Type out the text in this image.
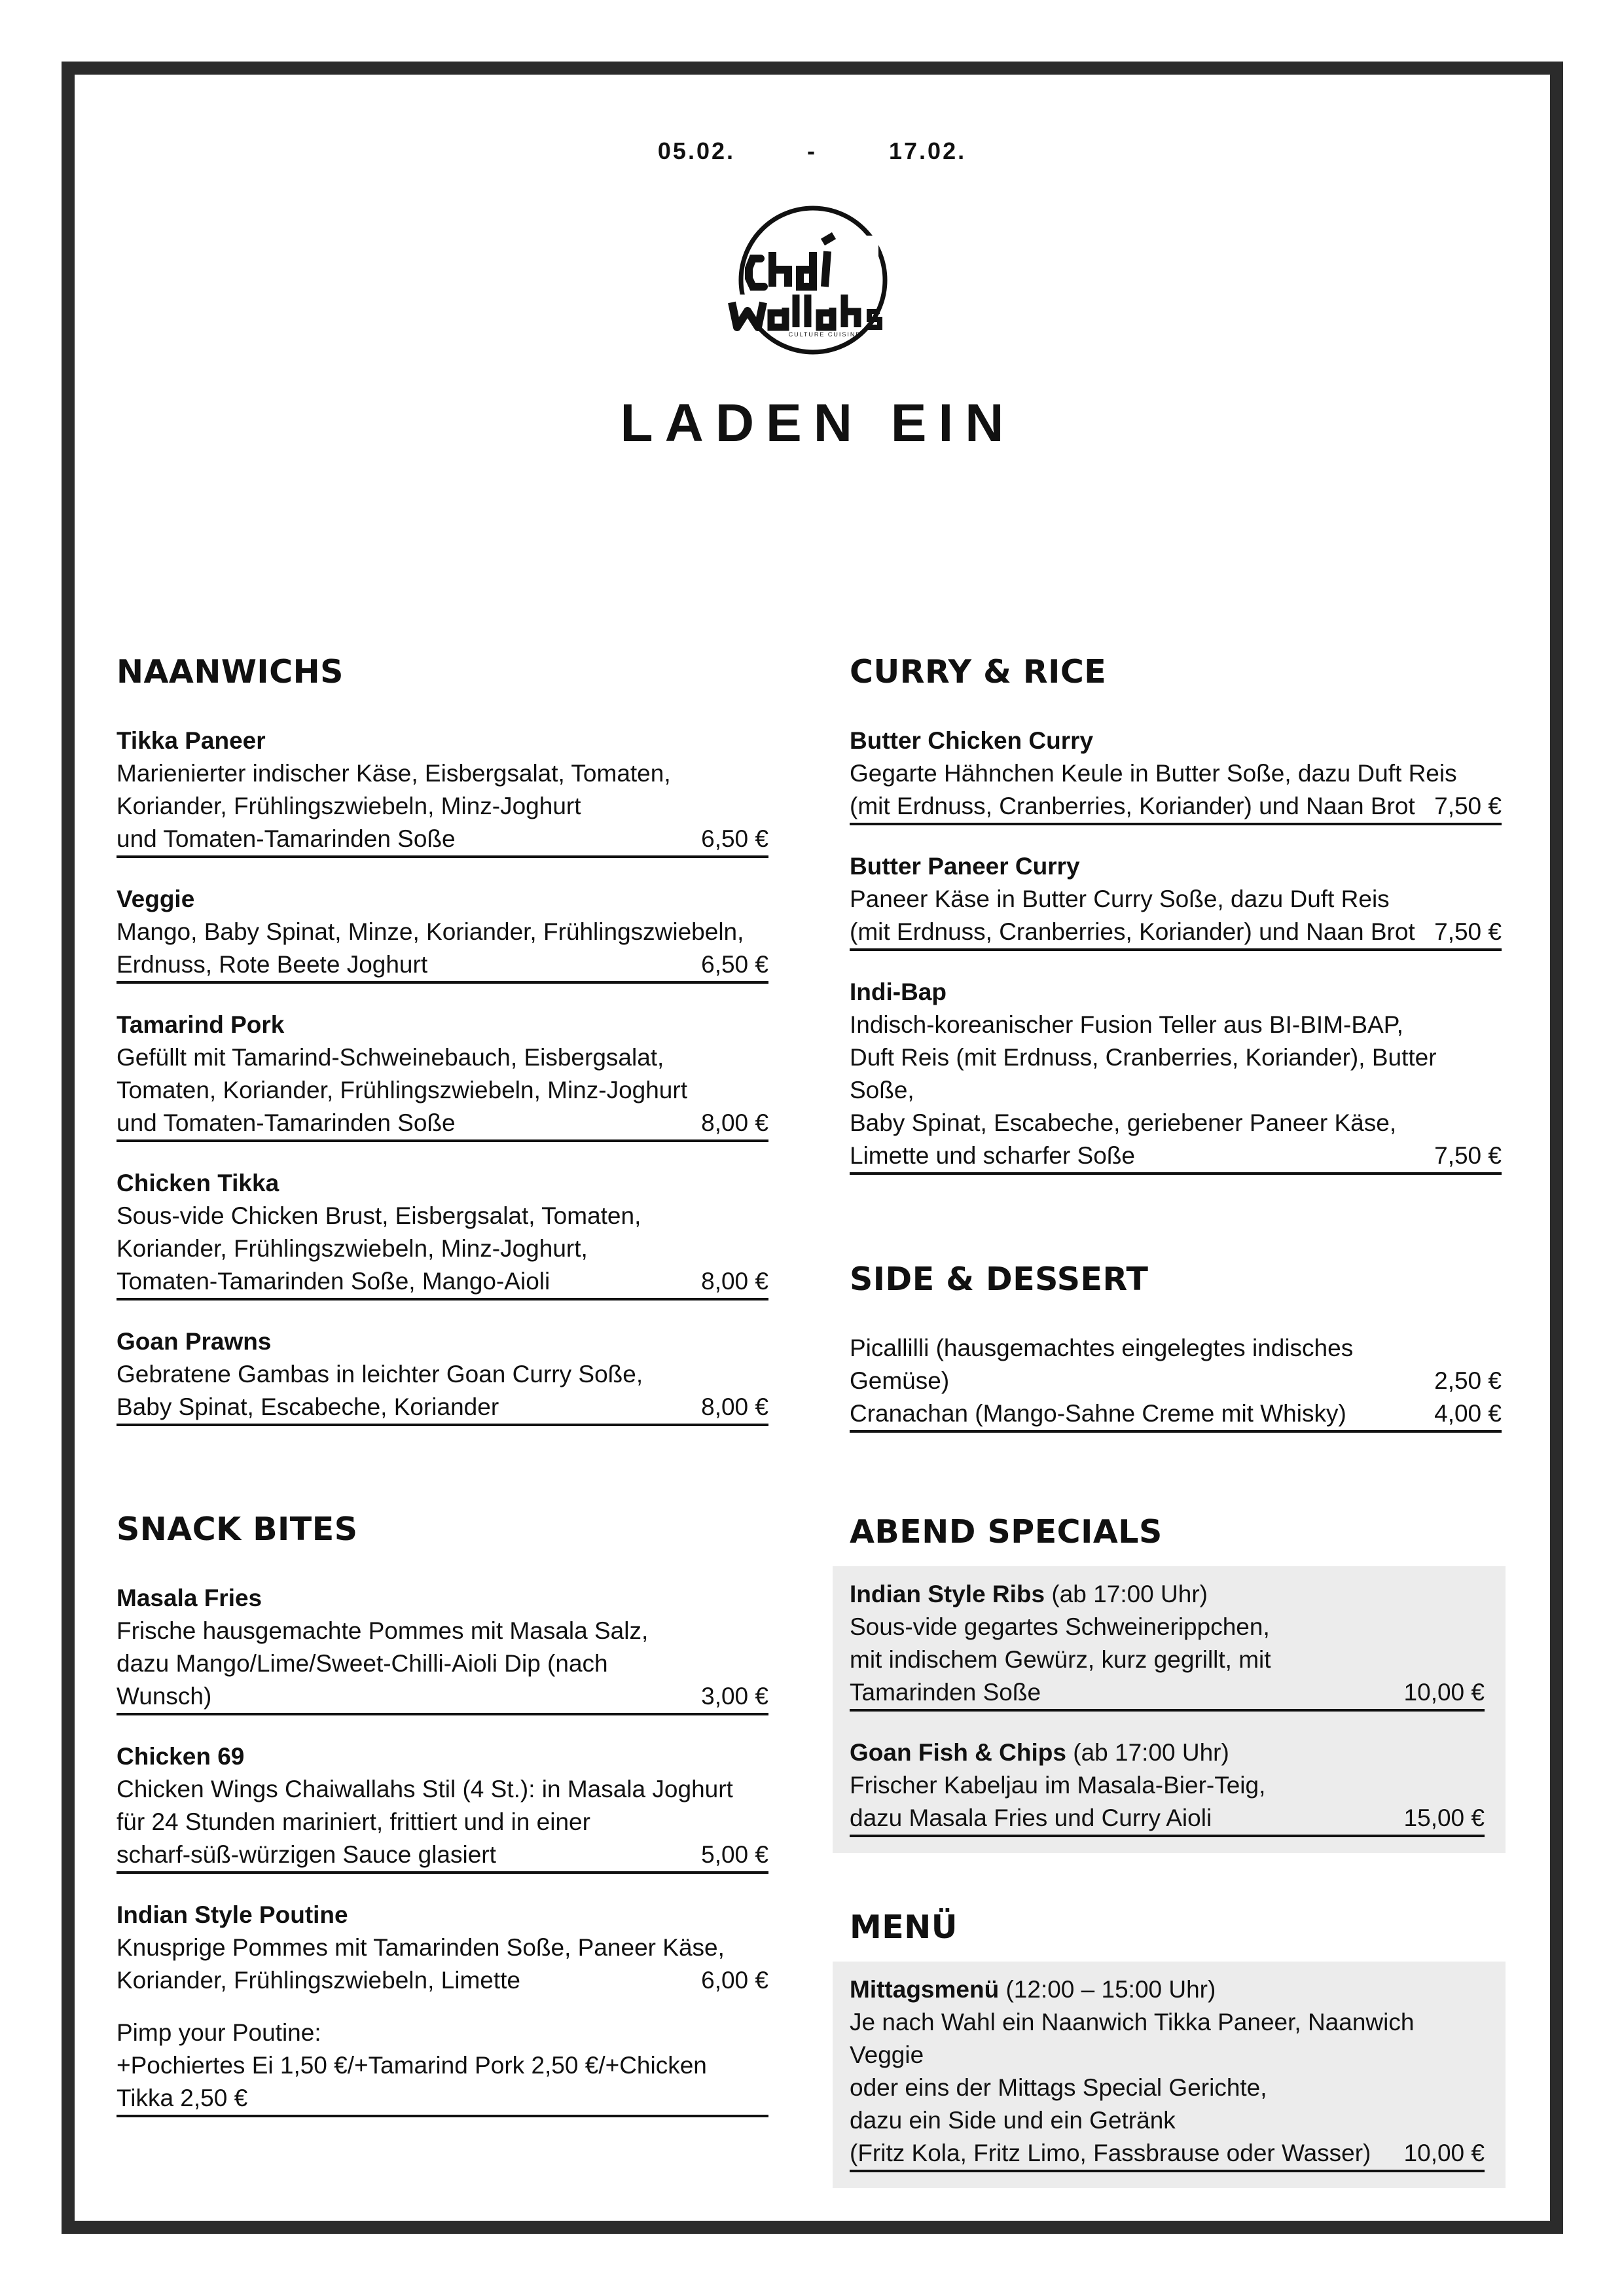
05.02.	-	17.02.
CULTURE CUISINE
LADEN EIN
NAANWICHS
Tikka Paneer
Marienierter indischer Käse, Eisbergsalat, Tomaten,
Koriander, Frühlingszwiebeln, Minz-Joghurt
und Tomaten-Tamarinden Soße	6,50 €
Veggie
Mango, Baby Spinat, Minze, Koriander, Frühlingszwiebeln,
Erdnuss, Rote Beete Joghurt	6,50 €
Tamarind Pork
Gefüllt mit Tamarind-Schweinebauch, Eisbergsalat,
Tomaten, Koriander, Frühlingszwiebeln, Minz-Joghurt
und Tomaten-Tamarinden Soße	8,00 €
Chicken Tikka
Sous-vide Chicken Brust, Eisbergsalat, Tomaten,
Koriander, Frühlingszwiebeln, Minz-Joghurt,
Tomaten-Tamarinden Soße, Mango-Aioli	8,00 €
Goan Prawns
Gebratene Gambas in leichter Goan Curry Soße,
Baby Spinat, Escabeche, Koriander	8,00 €
SNACK BITES
Masala Fries
Frische hausgemachte Pommes mit Masala Salz,
dazu Mango/Lime/Sweet-Chilli-Aioli Dip (nach Wunsch)	3,00 €
Chicken 69
Chicken Wings Chaiwallahs Stil (4 St.): in Masala Joghurt
für 24 Stunden mariniert, frittiert und in einer
scharf-süß-würzigen Sauce glasiert	5,00 €
Indian Style Poutine
Knusprige Pommes mit Tamarinden Soße, Paneer Käse,
Koriander, Frühlingszwiebeln, Limette	6,00 €
Pimp your Poutine:
+Pochiertes Ei 1,50 €/+Tamarind Pork 2,50 €/+Chicken Tikka 2,50 €
CURRY & RICE
Butter Chicken Curry
Gegarte Hähnchen Keule in Butter Soße, dazu Duft Reis
(mit Erdnuss, Cranberries, Koriander) und Naan Brot 7,50 €
Butter Paneer Curry
Paneer Käse in Butter Curry Soße, dazu Duft Reis
(mit Erdnuss, Cranberries, Koriander) und Naan Brot 7,50 €
Indi-Bap
Indisch-koreanischer Fusion Teller aus BI-BIM-BAP,
Duft Reis (mit Erdnuss, Cranberries, Koriander), Butter Soße,
Baby Spinat, Escabeche, geriebener Paneer Käse,
Limette und scharfer Soße	7,50 €
SIDE & DESSERT
Picallilli (hausgemachtes eingelegtes indisches Gemüse)	2,50 €
Cranachan (Mango-Sahne Creme mit Whisky)	4,00 €
ABEND SPECIALS
Indian Style Ribs (ab 17:00 Uhr)
Sous-vide gegartes Schweinerippchen,
mit indischem Gewürz, kurz gegrillt, mit Tamarinden Soße	10,00 €
Goan Fish & Chips (ab 17:00 Uhr)
Frischer Kabeljau im Masala-Bier-Teig,
dazu Masala Fries und Curry Aioli	15,00 €
MENÜ
Mittagsmenü (12:00 – 15:00 Uhr)
Je nach Wahl ein Naanwich Tikka Paneer, Naanwich Veggie
oder eins der Mittags Special Gerichte,
dazu ein Side und ein Getränk
(Fritz Kola, Fritz Limo, Fassbrause oder Wasser)	10,00 €
